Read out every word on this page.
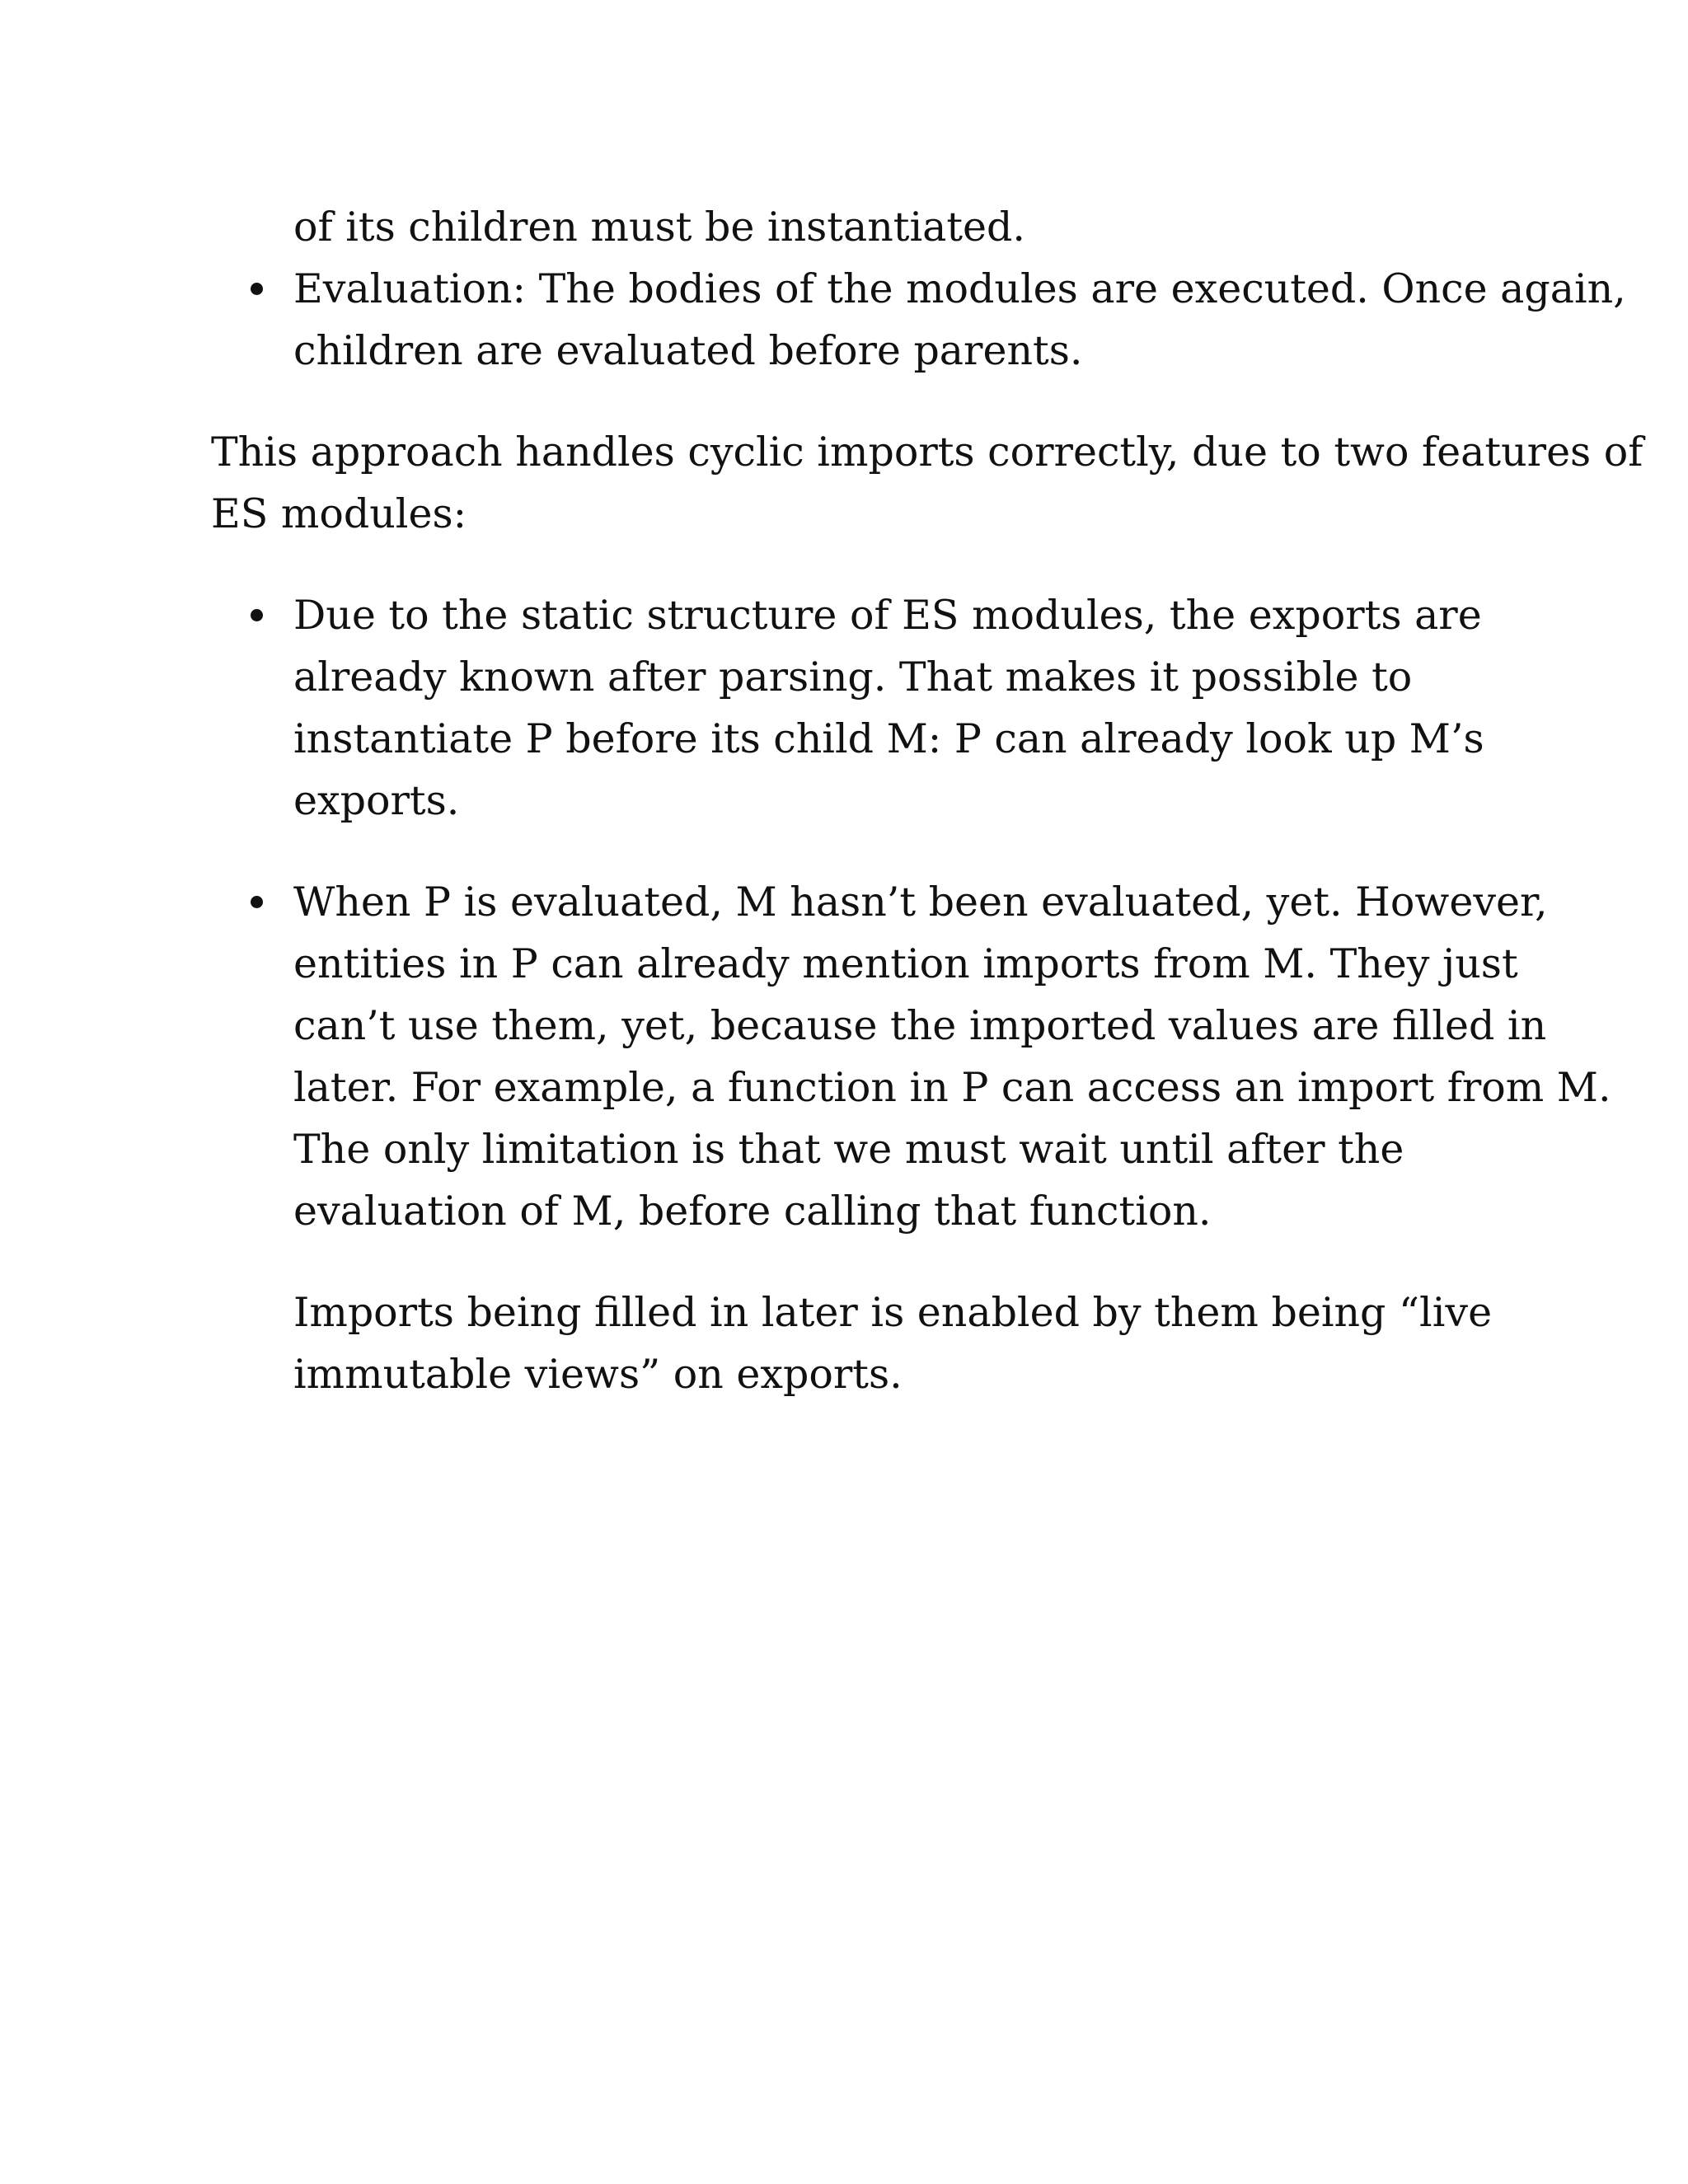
of its children must be instantiated.
Evaluation: The bodies of the modules are executed. Once again,
children are evaluated before parents.
This approach handles cyclic imports correctly, due to two features of
ES modules:
Due to the static structure of ES modules, the exports are
already known after parsing. That makes it possible to
instantiate P before its child M: P can already look up M’s
exports.
When P is evaluated, M hasn’t been evaluated, yet. However,
entities in P can already mention imports from M. They just
can’t use them, yet, because the imported values are filled in
later. For example, a function in P can access an import from M.
The only limitation is that we must wait until after the
evaluation of M, before calling that function.
Imports being filled in later is enabled by them being “live
immutable views” on exports.
